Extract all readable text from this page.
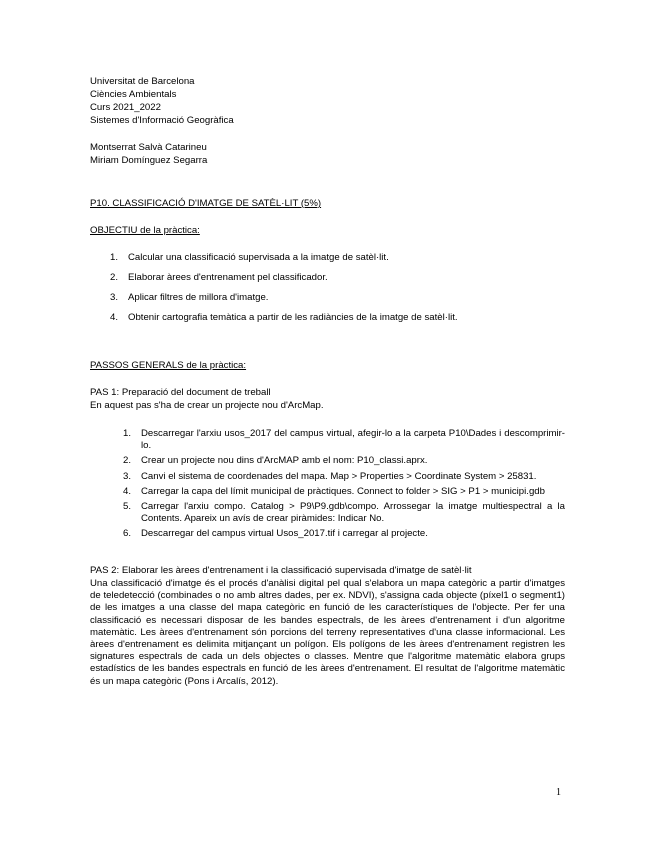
Universitat de Barcelona
Ciències Ambientals
Curs 2021_2022
Sistemes d'Informació Geogràfica
Montserrat Salvà Catarineu
Miriam Domínguez Segarra
P10. CLASSIFICACIÓ D'IMATGE DE SATÈL·LIT (5%)
OBJECTIU de la pràctica:
1. Calcular una classificació supervisada a la imatge de satèl·lit.
2. Elaborar àrees d'entrenament pel classificador.
3. Aplicar filtres de millora d'imatge.
4. Obtenir cartografia temàtica a partir de les radiàncies de la imatge de satèl·lit.
PASSOS GENERALS de la pràctica:
PAS 1: Preparació del document de treball
En aquest pas s'ha de crear un projecte nou d'ArcMap.
1. Descarregar l'arxiu usos_2017 del campus virtual, afegir-lo a la carpeta P10\Dades i descomprimir-lo.
2. Crear un projecte nou dins d'ArcMAP amb el nom: P10_classi.aprx.
3. Canvi el sistema de coordenades del mapa. Map > Properties > Coordinate System > 25831.
4. Carregar la capa del límit municipal de pràctiques. Connect to folder > SIG > P1 > municipi.gdb
5. Carregar l'arxiu compo. Catalog > P9\P9.gdb\compo. Arrossegar la imatge multiespectral a la Contents. Apareix un avís de crear piràmides: Indicar No.
6. Descarregar del campus virtual Usos_2017.tif i carregar al projecte.
PAS 2: Elaborar les àrees d'entrenament i la classificació supervisada d'imatge de satèl·lit

Una classificació d'imatge és el procés d'anàlisi digital pel qual s'elabora un mapa categòric a partir d'imatges de teledetecció (combinades o no amb altres dades, per ex. NDVI), s'assigna cada objecte (píxel1 o segment1) de les imatges a una classe del mapa categòric en funció de les característiques de l'objecte. Per fer una classificació es necessari disposar de les bandes espectrals, de les àrees d'entrenament i d'un algoritme matemàtic. Les àrees d'entrenament són porcions del terreny representatives d'una classe informacional. Les àrees d'entrenament es delimita mitjançant un polígon. Els polígons de les àrees d'entrenament registren les signatures espectrals de cada un dels objectes o classes. Mentre que l'algoritme matemàtic elabora grups estadístics de les bandes espectrals en funció de les àrees d'entrenament. El resultat de l'algoritme matemàtic és un mapa categòric (Pons i Arcalís, 2012).

1
